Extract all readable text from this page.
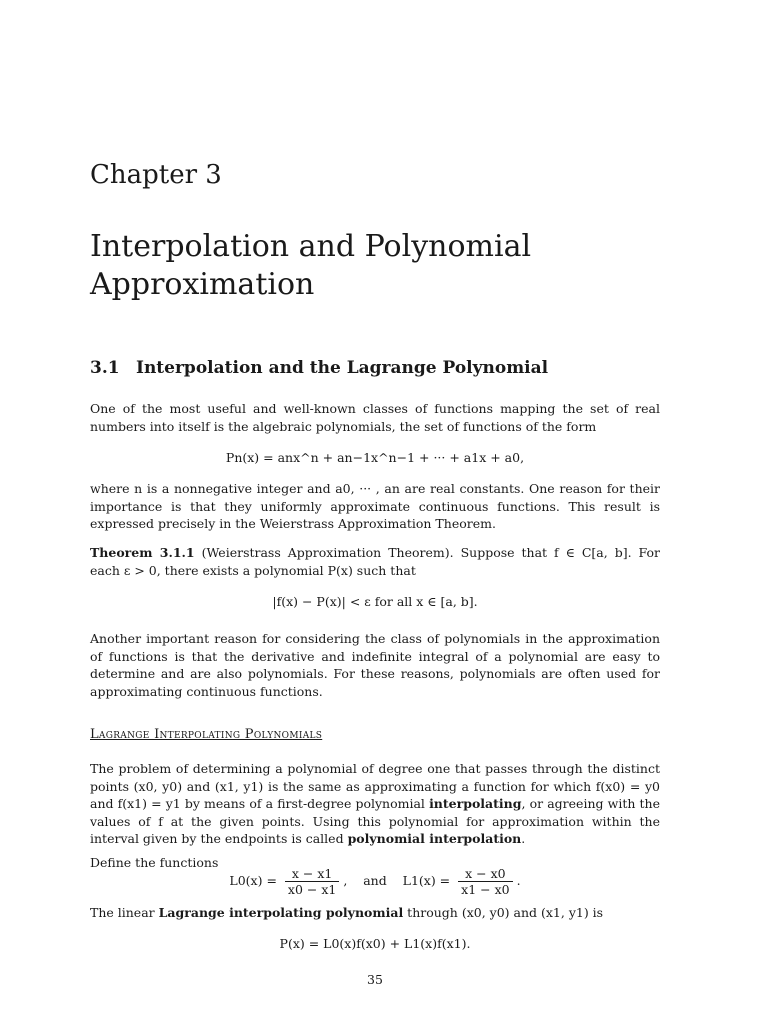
Chapter 3
Interpolation and Polynomial Approximation
3.1 Interpolation and the Lagrange Polynomial

One of the most useful and well-known classes of functions mapping the set of real numbers into itself is the algebraic polynomials, the set of functions of the form

Pn(x) = anx^n + an−1x^n−1 + ··· + a1x + a0,

where n is a nonnegative integer and a0, ··· , an are real constants. One reason for their importance is that they uniformly approximate continuous functions. This result is expressed precisely in the Weierstrass Approximation Theorem.

Theorem 3.1.1 (Weierstrass Approximation Theorem). Suppose that f ∈ C[a, b]. For each ε > 0, there exists a polynomial P(x) such that

|f(x) − P(x)| < ε for all x ∈ [a, b].

Another important reason for considering the class of polynomials in the approximation of functions is that the derivative and indefinite integral of a polynomial are easy to determine and are also polynomials. For these reasons, polynomials are often used for approximating continuous functions.

Lagrange Interpolating Polynomials

The problem of determining a polynomial of degree one that passes through the distinct points (x0, y0) and (x1, y1) is the same as approximating a function for which f(x0) = y0 and f(x1) = y1 by means of a first-degree polynomial interpolating, or agreeing with the values of f at the given points. Using this polynomial for approximation within the interval given by the endpoints is called polynomial interpolation.

Define the functions

$L0(x) = \frac{x - x1}{x0 - x1}$ ,    and $L1(x) = \frac{x - x0}{x1 - x0}$ .

The linear Lagrange interpolating polynomial through (x0, y0) and (x1, y1) is

P(x) = L0(x)f(x0) + L1(x)f(x1).
35
